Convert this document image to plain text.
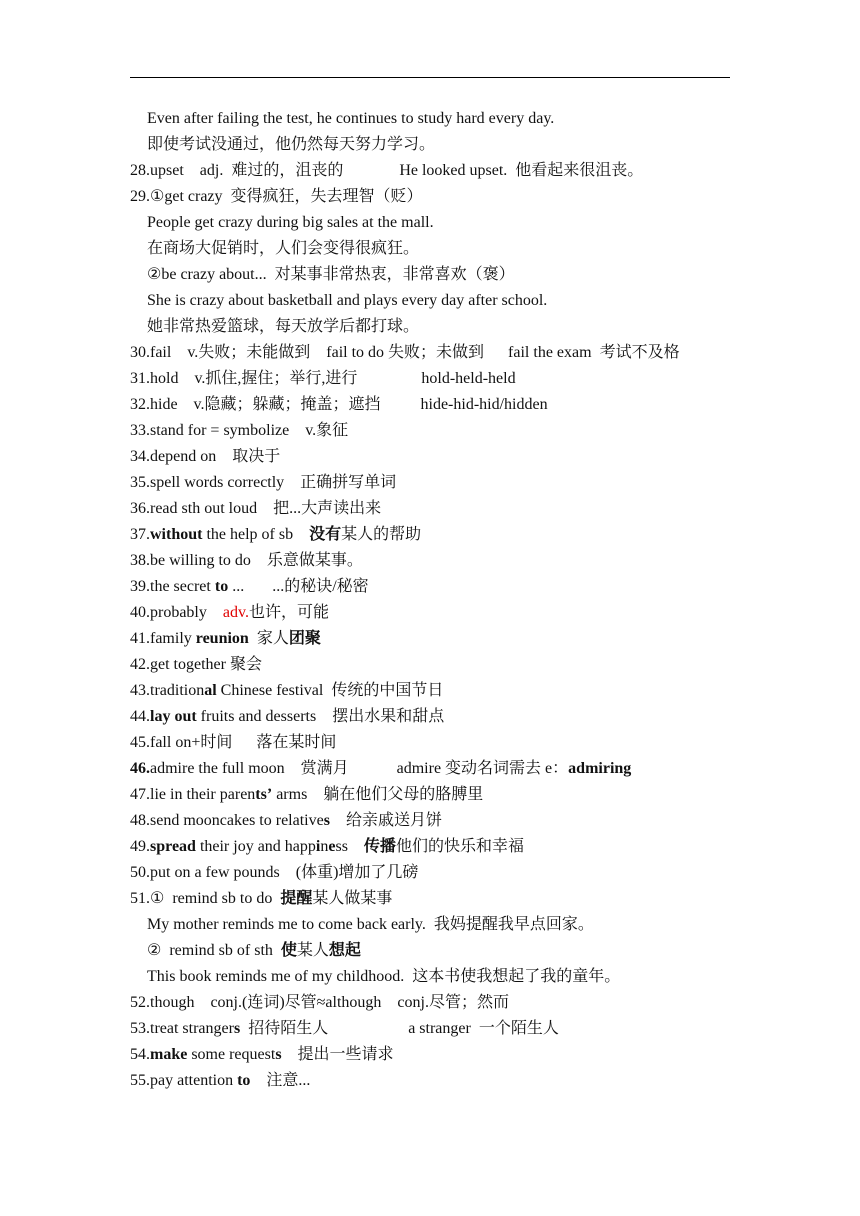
Even after failing the test, he continues to study hard every day.
即使考试没通过，他仍然每天努力学习。
28.upset    adj.  难过的，沮丧的              He looked upset.  他看起来很沮丧。
29.①get crazy  变得疯狂，失去理智（贬）
People get crazy during big sales at the mall.
在商场大促销时，人们会变得很疯狂。
②be crazy about...  对某事非常热衷，非常喜欢（褒）
She is crazy about basketball and plays every day after school.
她非常热爱篮球，每天放学后都打球。
30.fail    v.失败；未能做到    fail to do 失败；未做到      fail the exam  考试不及格
31.hold    v.抓住,握住；举行,进行                hold-held-held
32.hide    v.隐藏；躲藏；掩盖；遮挡          hide-hid-hid/hidden
33.stand for = symbolize    v.象征
34.depend on    取决于
35.spell words correctly    正确拼写单词
36.read sth out loud    把...大声读出来
37.without the help of sb    没有某人的帮助
38.be willing to do    乐意做某事。
39.the secret to ...       ...的秘诀/秘密
40.probably    adv.也许，可能
41.family reunion  家人团聚
42.get together 聚会
43.traditional Chinese festival  传统的中国节日
44.lay out fruits and desserts    摆出水果和甜点
45.fall on+时间      落在某时间
46.admire the full moon    赏满月            admire 变动名词需去 e：admiring
47.lie in their parents’ arms    躺在他们父母的胳膊里
48.send mooncakes to relatives    给亲戚送月饼
49.spread their joy and happiness    传播他们的快乐和幸福
50.put on a few pounds    (体重)增加了几磅
51.①  remind sb to do  提醒某人做某事
My mother reminds me to come back early.  我妈提醒我早点回家。
②  remind sb of sth  使某人想起
This book reminds me of my childhood.  这本书使我想起了我的童年。
52.though    conj.(连词)尽管≈although    conj.尽管；然而
53.treat strangers  招待陌生人                    a stranger  一个陌生人
54.make some requests    提出一些请求
55.pay attention to    注意...
